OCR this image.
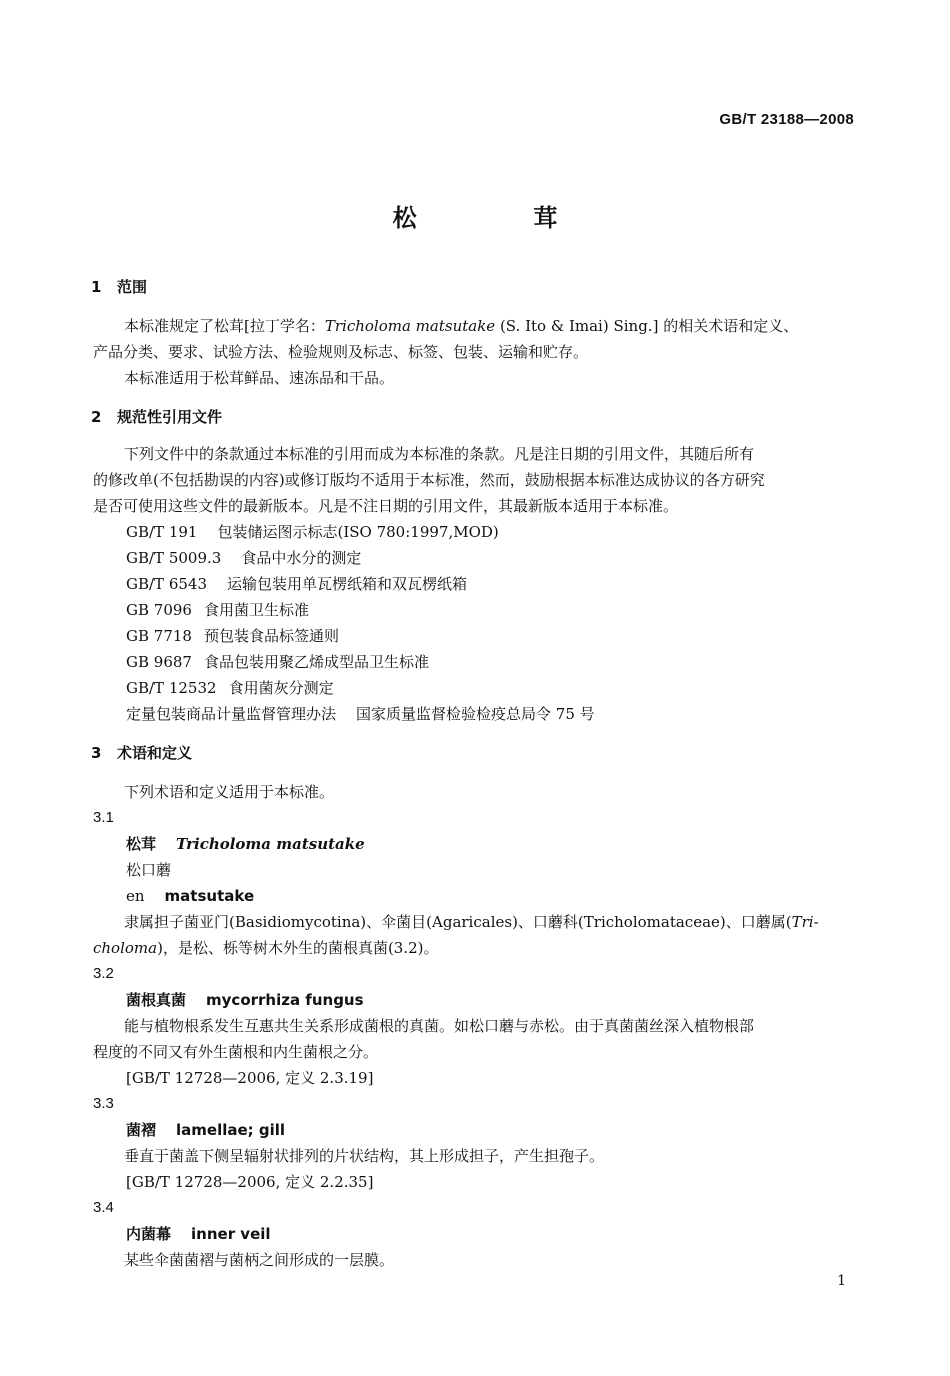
GB/T 23188—2008
松	茸
1 范围
本标准规定了松茸[拉丁学名：Tricholoma matsutake (S. Ito & Imai) Sing.] 的相关术语和定义、
产品分类、要求、试验方法、检验规则及标志、标签、包装、运输和贮存。
本标准适用于松茸鲜品、速冻品和干品。
2 规范性引用文件
下列文件中的条款通过本标准的引用而成为本标准的条款。凡是注日期的引用文件，其随后所有
的修改单(不包括勘误的内容)或修订版均不适用于本标准，然而，鼓励根据本标准达成协议的各方研究
是否可使用这些文件的最新版本。凡是不注日期的引用文件，其最新版本适用于本标准。
GB/T 191 包装储运图示标志(ISO 780:1997,MOD)
GB/T 5009.3 食品中水分的测定
GB/T 6543 运输包装用单瓦楞纸箱和双瓦楞纸箱
GB 7096 食用菌卫生标准
GB 7718 预包装食品标签通则
GB 9687 食品包装用聚乙烯成型品卫生标准
GB/T 12532 食用菌灰分测定
定量包装商品计量监督管理办法 国家质量监督检验检疫总局令 75 号
3 术语和定义
下列术语和定义适用于本标准。
3.1
松茸 Tricholoma matsutake
松口蘑
en matsutake
隶属担子菌亚门(Basidiomycotina)、伞菌目(Agaricales)、口蘑科(Tricholomataceae)、口蘑属(Tri-
choloma)，是松、栎等树木外生的菌根真菌(3.2)。
3.2
菌根真菌 mycorrhiza fungus
能与植物根系发生互惠共生关系形成菌根的真菌。如松口蘑与赤松。由于真菌菌丝深入植物根部
程度的不同又有外生菌根和内生菌根之分。
[GB/T 12728—2006, 定义 2.3.19]
3.3
菌褶 lamellae; gill
垂直于菌盖下侧呈辐射状排列的片状结构，其上形成担子，产生担孢子。
[GB/T 12728—2006, 定义 2.2.35]
3.4
内菌幕 inner veil
某些伞菌菌褶与菌柄之间形成的一层膜。
1
